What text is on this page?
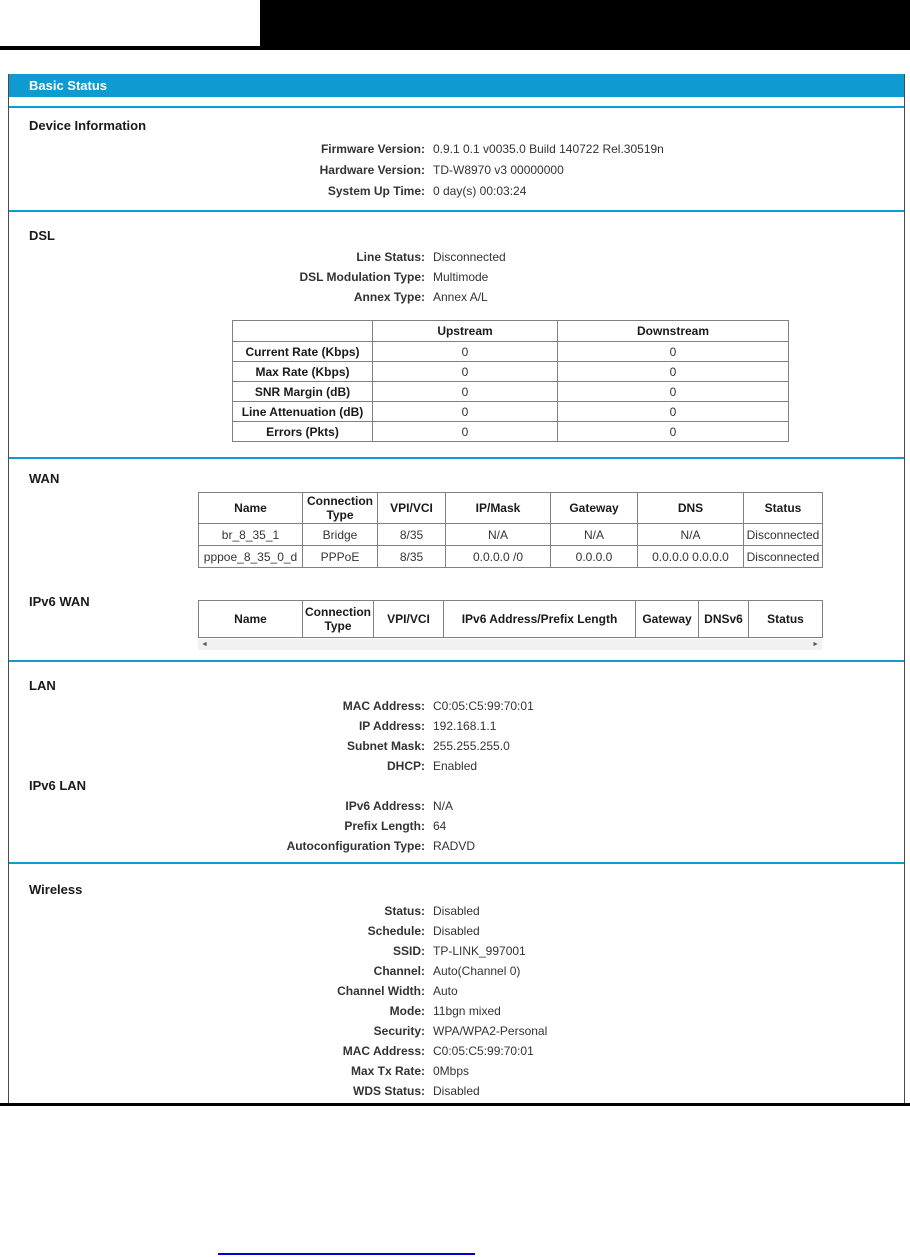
Basic Status
Device Information
Firmware Version: 0.9.1 0.1 v0035.0 Build 140722 Rel.30519n
Hardware Version: TD-W8970 v3 00000000
System Up Time: 0 day(s) 00:03:24
DSL
Line Status: Disconnected
DSL Modulation Type: Multimode
Annex Type: Annex A/L
	Upstream	Downstream
Current Rate (Kbps)	0	0
Max Rate (Kbps)	0	0
SNR Margin (dB)	0	0
Line Attenuation (dB)	0	0
Errors (Pkts)	0	0
WAN
Name	Connection Type	VPI/VCI	IP/Mask	Gateway	DNS	Status
br_8_35_1	Bridge	8/35	N/A	N/A	N/A	Disconnected
pppoe_8_35_0_d	PPPoE	8/35	0.0.0.0 /0	0.0.0.0	0.0.0.0 0.0.0.0	Disconnected
IPv6 WAN
Name	Connection Type	VPI/VCI	IPv6 Address/Prefix Length	Gateway	DNSv6	Status
◄	►
LAN
MAC Address: C0:05:C5:99:70:01
IP Address: 192.168.1.1
Subnet Mask: 255.255.255.0
DHCP: Enabled
IPv6 LAN
IPv6 Address: N/A
Prefix Length: 64
Autoconfiguration Type: RADVD
Wireless
Status: Disabled
Schedule: Disabled
SSID: TP-LINK_997001
Channel: Auto(Channel 0)
Channel Width: Auto
Mode: 11bgn mixed
Security: WPA/WPA2-Personal
MAC Address: C0:05:C5:99:70:01
Max Tx Rate: 0Mbps
WDS Status: Disabled
